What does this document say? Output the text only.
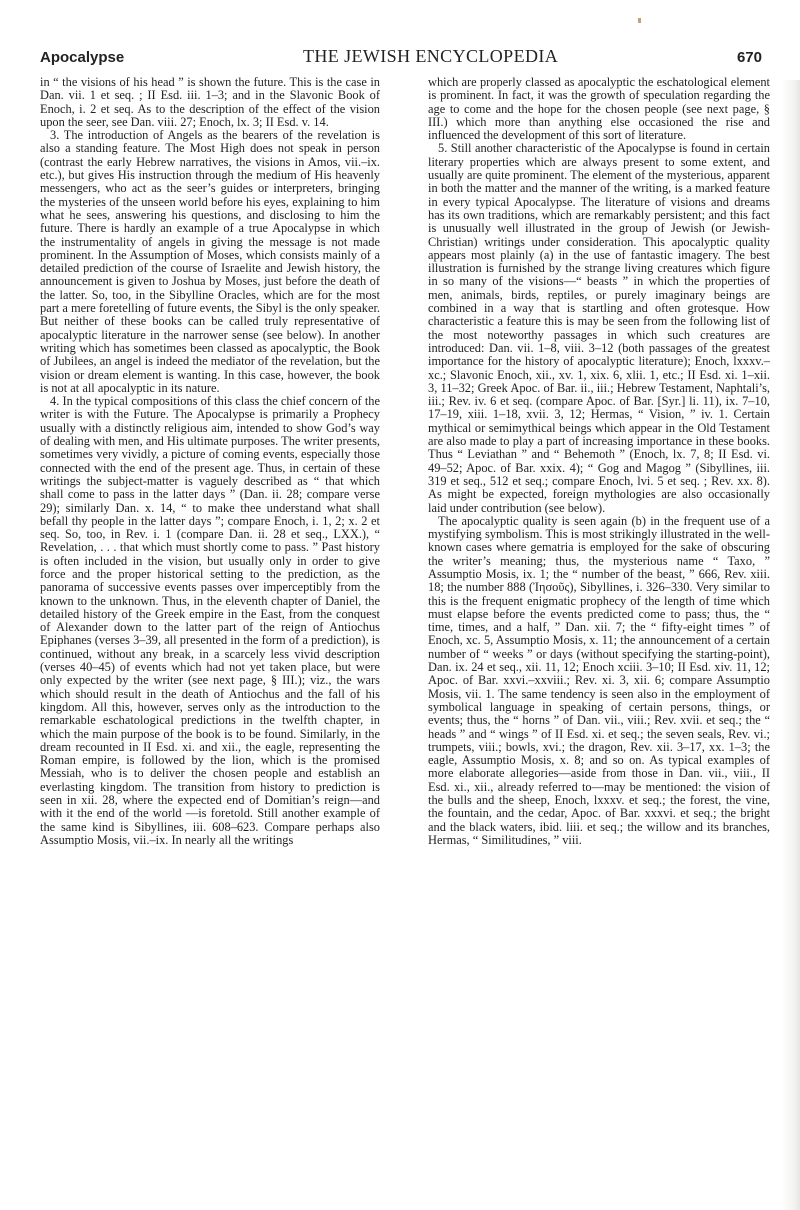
Apocalypse	THE JEWISH ENCYCLOPEDIA	670

in “ the visions of his head ” is shown the future. This is the case in Dan. vii. 1 et seq. ; II Esd. iii. 1–3; and in the Slavonic Book of Enoch, i. 2 et seq. As to the description of the effect of the vision upon the seer, see Dan. viii. 27; Enoch, lx. 3; II Esd. v. 14.

3. The introduction of Angels as the bearers of the revelation is also a standing feature. The Most High does not speak in person (contrast the early Hebrew narratives, the visions in Amos, vii.–ix. etc.), but gives His instruction through the medium of His heavenly messengers, who act as the seer’s guides or interpreters, bringing the mysteries of the unseen world before his eyes, explaining to him what he sees, answering his questions, and disclosing to him the future. There is hardly an example of a true Apocalypse in which the instrumentality of angels in giving the message is not made prominent. In the Assumption of Moses, which consists mainly of a detailed prediction of the course of Israelite and Jewish history, the announcement is given to Joshua by Moses, just before the death of the latter. So, too, in the Sibylline Oracles, which are for the most part a mere foretelling of future events, the Sibyl is the only speaker. But neither of these books can be called truly representative of apocalyptic literature in the narrower sense (see below). In another writing which has sometimes been classed as apocalyptic, the Book of Jubilees, an angel is indeed the mediator of the revelation, but the vision or dream element is wanting. In this case, however, the book is not at all apocalyptic in its nature.

4. In the typical compositions of this class the chief concern of the writer is with the Future. The Apocalypse is primarily a Prophecy usually with a distinctly religious aim, intended to show God’s way of dealing with men, and His ultimate purposes. The writer presents, sometimes very vividly, a picture of coming events, especially those connected with the end of the present age. Thus, in certain of these writings the subject-matter is vaguely described as “ that which shall come to pass in the latter days ” (Dan. ii. 28; compare verse 29); similarly Dan. x. 14, “ to make thee understand what shall befall thy people in the latter days ”; compare Enoch, i. 1, 2; x. 2 et seq. So, too, in Rev. i. 1 (compare Dan. ii. 28 et seq., LXX.), “ Revelation, . . . that which must shortly come to pass. ” Past history is often included in the vision, but usually only in order to give force and the proper historical setting to the prediction, as the panorama of successive events passes over imperceptibly from the known to the unknown. Thus, in the eleventh chapter of Daniel, the detailed history of the Greek empire in the East, from the conquest of Alexander down to the latter part of the reign of Antiochus Epiphanes (verses 3–39, all presented in the form of a prediction), is continued, without any break, in a scarcely less vivid description (verses 40–45) of events which had not yet taken place, but were only expected by the writer (see next page, § III.); viz., the wars which should result in the death of Antiochus and the fall of his kingdom. All this, however, serves only as the introduction to the remarkable eschatological predictions in the twelfth chapter, in which the main purpose of the book is to be found. Similarly, in the dream recounted in II Esd. xi. and xii., the eagle, representing the Roman empire, is followed by the lion, which is the promised Messiah, who is to deliver the chosen people and establish an everlasting kingdom. The transition from history to prediction is seen in xii. 28, where the expected end of Domitian’s reign—and with it the end of the world —is foretold. Still another example of the same kind is Sibyllines, iii. 608–623. Compare perhaps also Assumptio Mosis, vii.–ix. In nearly all the writings

which are properly classed as apocalyptic the eschatological element is prominent. In fact, it was the growth of speculation regarding the age to come and the hope for the chosen people (see next page, § III.) which more than anything else occasioned the rise and influenced the development of this sort of literature.

5. Still another characteristic of the Apocalypse is found in certain literary properties which are always present to some extent, and usually are quite prominent. The element of the mysterious, apparent in both the matter and the manner of the writing, is a marked feature in every typical Apocalypse. The literature of visions and dreams has its own traditions, which are remarkably persistent; and this fact is unusually well illustrated in the group of Jewish (or Jewish-Christian) writings under consideration. This apocalyptic quality appears most plainly (a) in the use of fantastic imagery. The best illustration is furnished by the strange living creatures which figure in so many of the visions—“ beasts ” in which the properties of men, animals, birds, reptiles, or purely imaginary beings are combined in a way that is startling and often grotesque. How characteristic a feature this is may be seen from the following list of the most noteworthy passages in which such creatures are introduced: Dan. vii. 1–8, viii. 3–12 (both passages of the greatest importance for the history of apocalyptic literature); Enoch, lxxxv.–xc.; Slavonic Enoch, xii., xv. 1, xix. 6, xlii. 1, etc.; II Esd. xi. 1–xii. 3, 11–32; Greek Apoc. of Bar. ii., iii.; Hebrew Testament, Naphtali’s, iii.; Rev. iv. 6 et seq. (compare Apoc. of Bar. [Syr.] li. 11), ix. 7–10, 17–19, xiii. 1–18, xvii. 3, 12; Hermas, “ Vision, ” iv. 1. Certain mythical or semimythical beings which appear in the Old Testament are also made to play a part of increasing importance in these books. Thus “ Leviathan ” and “ Behemoth ” (Enoch, lx. 7, 8; II Esd. vi. 49–52; Apoc. of Bar. xxix. 4); “ Gog and Magog ” (Sibyllines, iii. 319 et seq., 512 et seq.; compare Enoch, lvi. 5 et seq. ; Rev. xx. 8). As might be expected, foreign mythologies are also occasionally laid under contribution (see below).

The apocalyptic quality is seen again (b) in the frequent use of a mystifying symbolism. This is most strikingly illustrated in the well-known cases where gematria is employed for the sake of obscuring the writer’s meaning; thus, the mysterious name “ Taxo, ” Assumptio Mosis, ix. 1; the “ number of the beast, ” 666, Rev. xiii. 18; the number 888 (Ἰησοῦς), Sibyllines, i. 326–330. Very similar to this is the frequent enigmatic prophecy of the length of time which must elapse before the events predicted come to pass; thus, the “ time, times, and a half, ” Dan. xii. 7; the “ fifty-eight times ” of Enoch, xc. 5, Assumptio Mosis, x. 11; the announcement of a certain number of “ weeks ” or days (without specifying the starting-point), Dan. ix. 24 et seq., xii. 11, 12; Enoch xciii. 3–10; II Esd. xiv. 11, 12; Apoc. of Bar. xxvi.–xxviii.; Rev. xi. 3, xii. 6; compare Assumptio Mosis, vii. 1. The same tendency is seen also in the employment of symbolical language in speaking of certain persons, things, or events; thus, the “ horns ” of Dan. vii., viii.; Rev. xvii. et seq.; the “ heads ” and “ wings ” of II Esd. xi. et seq.; the seven seals, Rev. vi.; trumpets, viii.; bowls, xvi.; the dragon, Rev. xii. 3–17, xx. 1–3; the eagle, Assumptio Mosis, x. 8; and so on. As typical examples of more elaborate allegories—aside from those in Dan. vii., viii., II Esd. xi., xii., already referred to—may be mentioned: the vision of the bulls and the sheep, Enoch, lxxxv. et seq.; the forest, the vine, the fountain, and the cedar, Apoc. of Bar. xxxvi. et seq.; the bright and the black waters, ibid. liii. et seq.; the willow and its branches, Hermas, “ Similitudines, ” viii.
